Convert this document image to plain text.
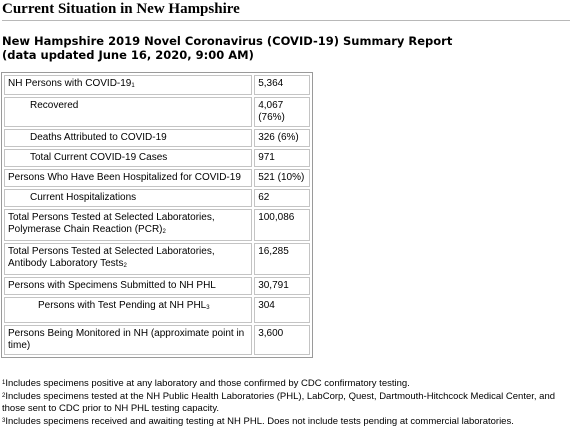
Current Situation in New Hampshire
New Hampshire 2019 Novel Coronavirus (COVID-19) Summary Report
(data updated June 16, 2020, 9:00 AM)
NH Persons with COVID-191	5,364
Recovered	4,067 (76%)
Deaths Attributed to COVID-19	326 (6%)
Total Current COVID-19 Cases	971
Persons Who Have Been Hospitalized for COVID-19	521 (10%)
Current Hospitalizations	62
Total Persons Tested at Selected Laboratories, Polymerase Chain Reaction (PCR)2	100,086
Total Persons Tested at Selected Laboratories, Antibody Laboratory Tests2	16,285
Persons with Specimens Submitted to NH PHL	30,791
Persons with Test Pending at NH PHL3	304
Persons Being Monitored in NH (approximate point in time)	3,600

$^1$Includes specimens positive at any laboratory and those confirmed by CDC confirmatory testing.

$^2$Includes specimens tested at the NH Public Health Laboratories (PHL), LabCorp, Quest, Dartmouth-Hitchcock Medical Center, and those sent to CDC prior to NH PHL testing capacity.

$^3$Includes specimens received and awaiting testing at NH PHL. Does not include tests pending at commercial laboratories.
